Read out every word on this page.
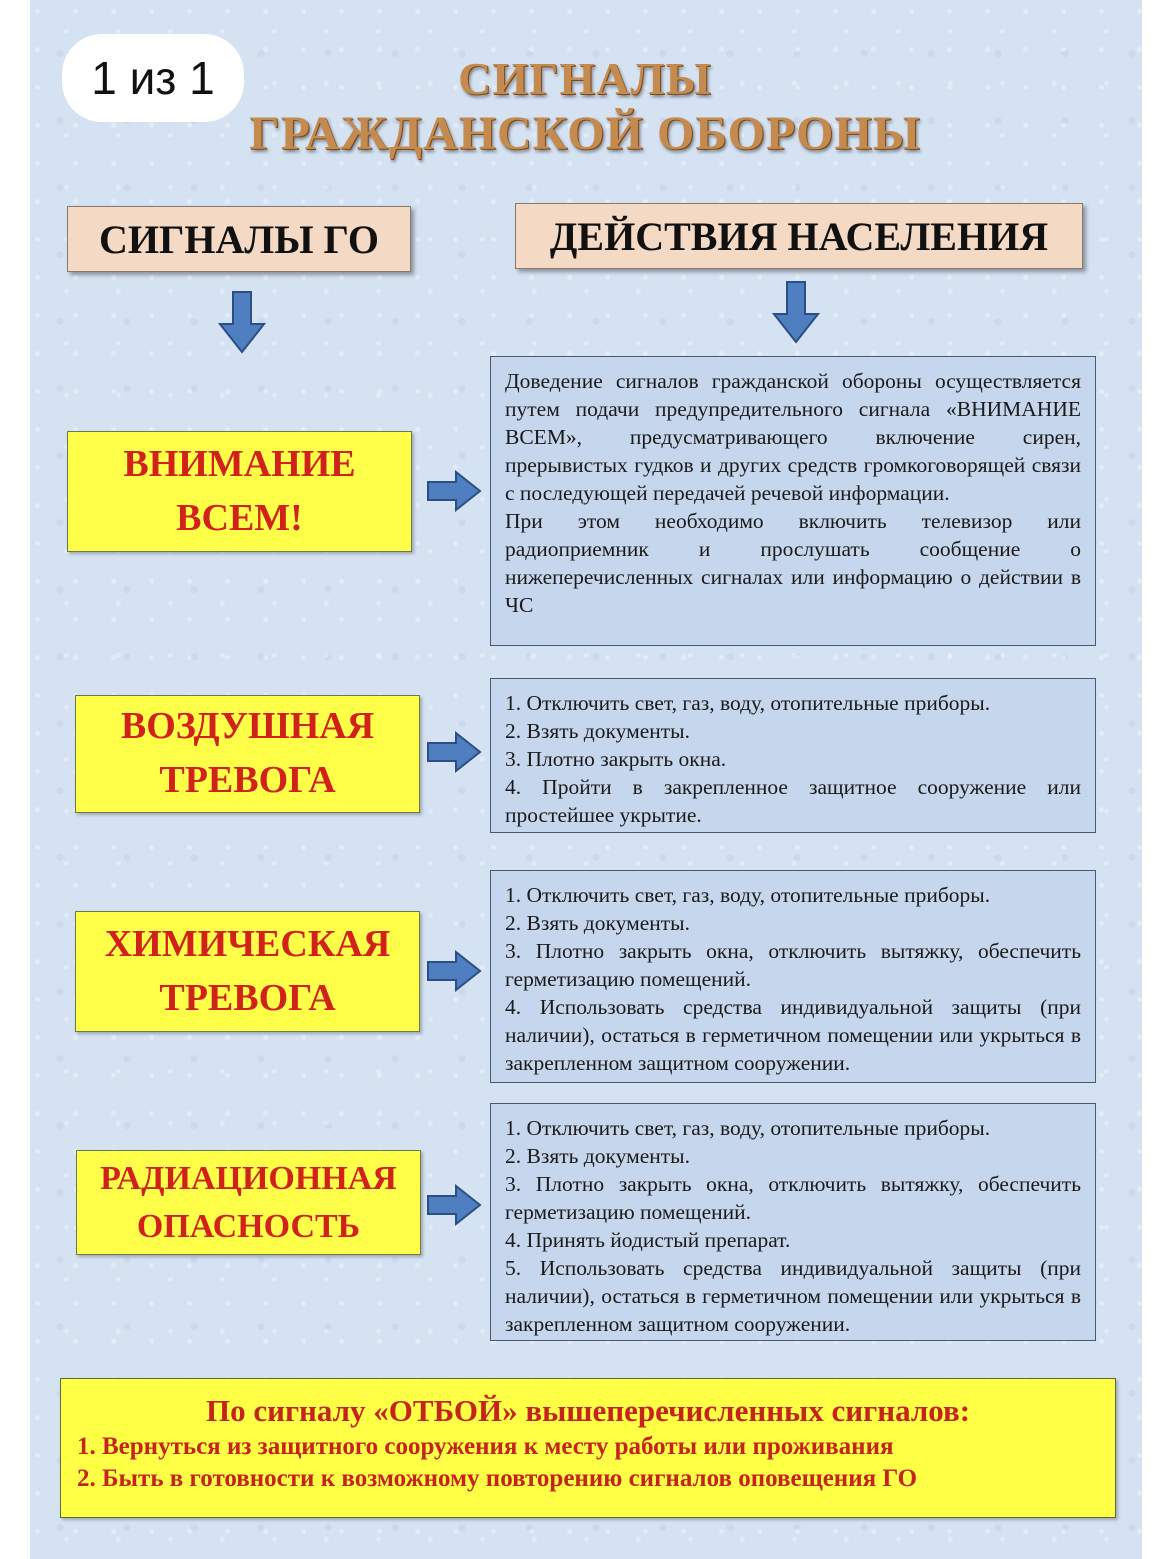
1 из 1	СИГНАЛЫ
ГРАЖДАНСКОЙ ОБОРОНЫ
СИГНАЛЫ ГО	ДЕЙСТВИЯ НАСЕЛЕНИЯ
ВНИМАНИЕ
ВСЕМ!

Доведение сигналов гражданской обороны осуществляется путем подачи предупредительного сигнала «ВНИМАНИЕ ВСЕМ», предусматривающего включение сирен, прерывистых гудков и других средств громкоговорящей связи с последующей передачей речевой информации.

При этом необходимо включить телевизор или радиоприемник и прослушать сообщение о нижеперечисленных сигналах или информацию о действии в ЧС

ВОЗДУШНАЯ
ТРЕВОГА

1. Отключить свет, газ, воду, отопительные приборы.

2. Взять документы.

3. Плотно закрыть окна.

4. Пройти в закрепленное защитное сооружение или простейшее укрытие.

ХИМИЧЕСКАЯ
ТРЕВОГА

1. Отключить свет, газ, воду, отопительные приборы.

2. Взять документы.

3. Плотно закрыть окна, отключить вытяжку, обеспечить герметизацию помещений.

4. Использовать средства индивидуальной защиты (при наличии), остаться в герметичном помещении или укрыться в закрепленном защитном сооружении.

РАДИАЦИОННАЯ
ОПАСНОСТЬ

1. Отключить свет, газ, воду, отопительные приборы.

2. Взять документы.

3. Плотно закрыть окна, отключить вытяжку, обеспечить герметизацию помещений.

4. Принять йодистый препарат.

5. Использовать средства индивидуальной защиты (при наличии), остаться в герметичном помещении или укрыться в закрепленном защитном сооружении.

По сигналу «ОТБОЙ» вышеперечисленных сигналов:
1. Вернуться из защитного сооружения к месту работы или проживания
2. Быть в готовности к возможному повторению сигналов оповещения ГО
